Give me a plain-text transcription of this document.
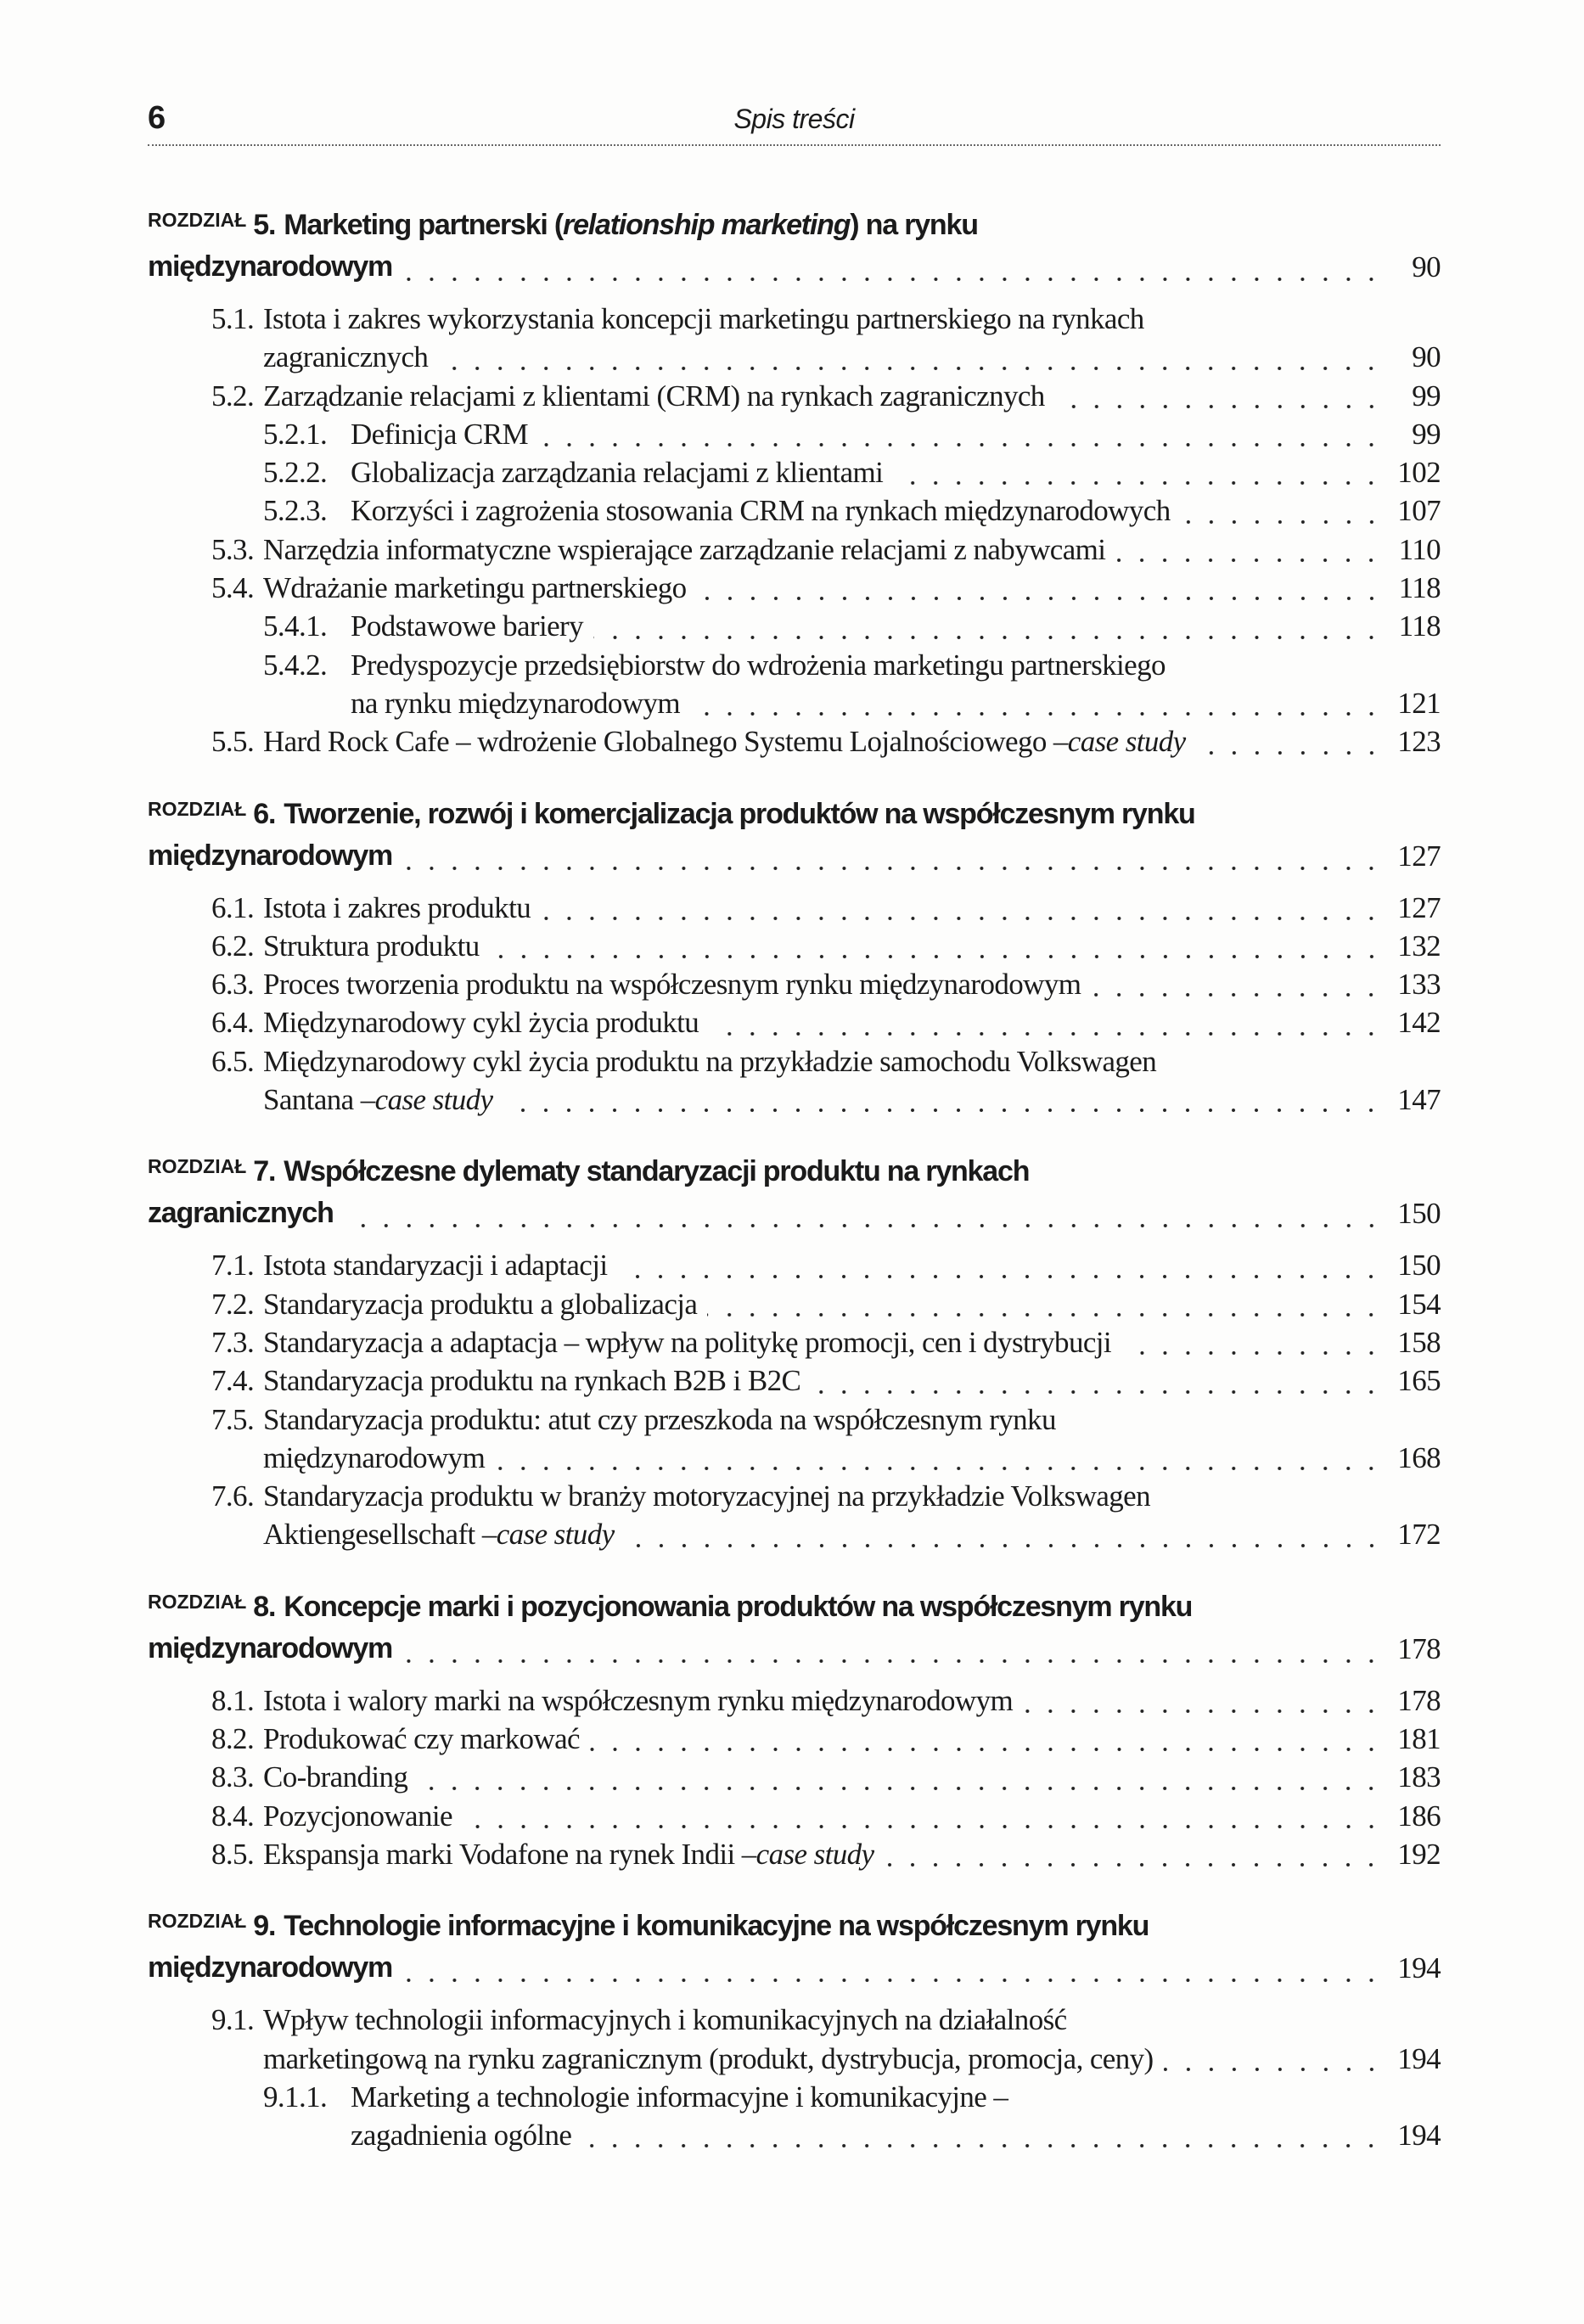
6	Spis treści
ROZDZIAŁ 5. Marketing partnerski ( relationship marketing ) na rynku
międzynarodowym	90
5.1. Istota i zakres wykorzystania koncepcji marketingu partnerskiego na rynkach
zagranicznych	90
5.2. Zarządzanie relacjami z klientami (CRM) na rynkach zagranicznych	99
5.2.1. Definicja CRM	99
5.2.2. Globalizacja zarządzania relacjami z klientami	102
5.2.3. Korzyści i zagrożenia stosowania CRM na rynkach międzynarodowych	107
5.3. Narzędzia informatyczne wspierające zarządzanie relacjami z nabywcami	110
5.4. Wdrażanie marketingu partnerskiego	118
5.4.1. Podstawowe bariery	118
5.4.2. Predyspozycje przedsiębiorstw do wdrożenia marketingu partnerskiego
na rynku międzynarodowym	121
5.5. Hard Rock Cafe – wdrożenie Globalnego Systemu Lojalnościowego – case study	123
ROZDZIAŁ 6. Tworzenie, rozwój i komercjalizacja produktów na współczesnym rynku
międzynarodowym	127
6.1. Istota i zakres produktu	127
6.2. Struktura produktu	132
6.3. Proces tworzenia produktu na współczesnym rynku międzynarodowym	133
6.4. Międzynarodowy cykl życia produktu	142
6.5. Międzynarodowy cykl życia produktu na przykładzie samochodu Volkswagen
Santana – case study	147
ROZDZIAŁ 7. Współczesne dylematy standaryzacji produktu na rynkach
zagranicznych	150
7.1. Istota standaryzacji i adaptacji	150
7.2. Standaryzacja produktu a globalizacja	154
7.3. Standaryzacja a adaptacja – wpływ na politykę promocji, cen i dystrybucji	158
7.4. Standaryzacja produktu na rynkach B2B i B2C	165
7.5. Standaryzacja produktu: atut czy przeszkoda na współczesnym rynku
międzynarodowym	168
7.6. Standaryzacja produktu w branży motoryzacyjnej na przykładzie Volkswagen
Aktiengesellschaft – case study	172
ROZDZIAŁ 8. Koncepcje marki i pozycjonowania produktów na współczesnym rynku
międzynarodowym	178
8.1. Istota i walory marki na współczesnym rynku międzynarodowym	178
8.2. Produkować czy markować	181
8.3. Co-branding	183
8.4. Pozycjonowanie	186
8.5. Ekspansja marki Vodafone na rynek Indii – case study	192
ROZDZIAŁ 9. Technologie informacyjne i komunikacyjne na współczesnym rynku
międzynarodowym	194
9.1. Wpływ technologii informacyjnych i komunikacyjnych na działalność
marketingową na rynku zagranicznym (produkt, dystrybucja, promocja, ceny)	194
9.1.1. Marketing a technologie informacyjne i komunikacyjne –
zagadnienia ogólne	194
